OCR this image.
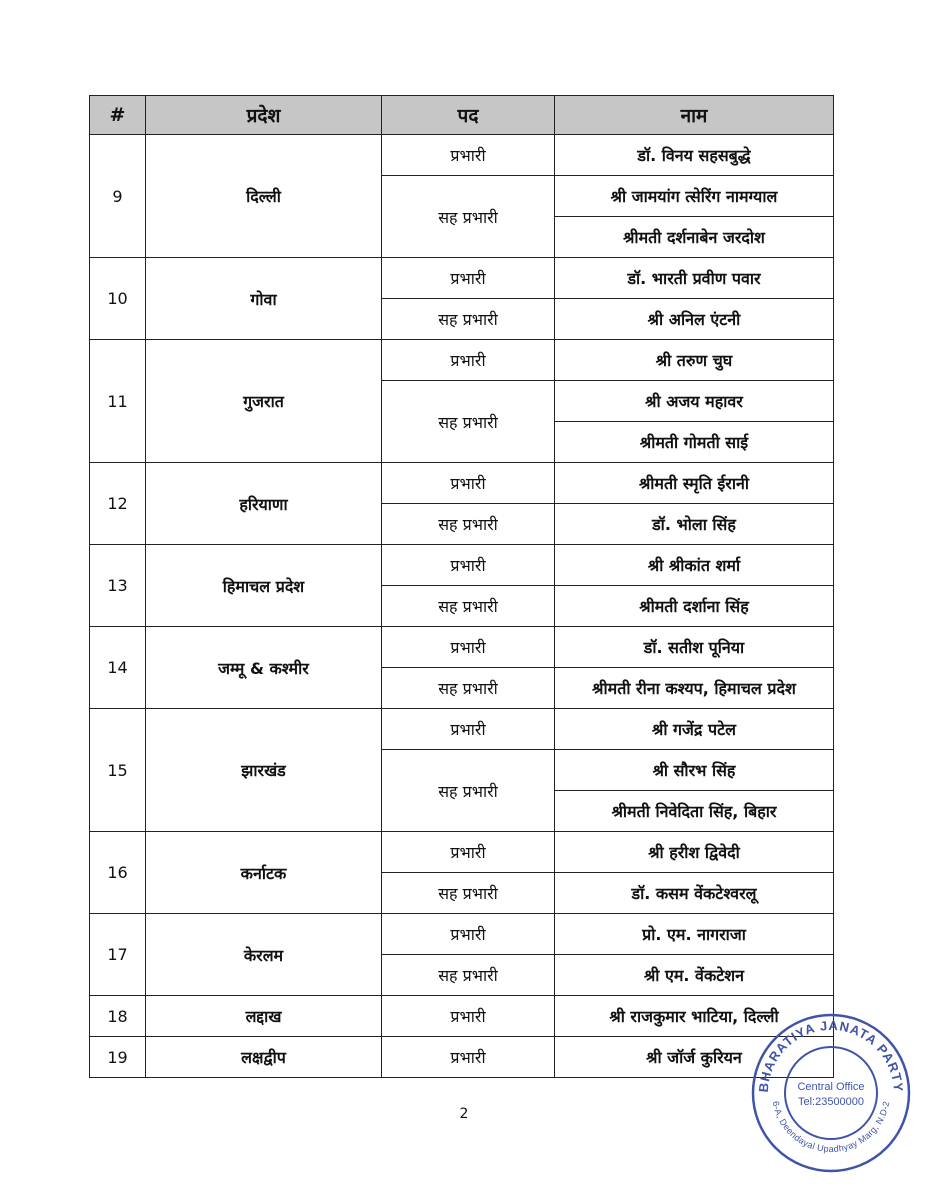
#	प्रदेश	पद	नाम
9	दिल्ली	प्रभारी	डॉ. विनय सहसबुद्धे
		सह प्रभारी	श्री जामयांग त्सेरिंग नामग्याल
			श्रीमती दर्शनाबेन जरदोश
10	गोवा	प्रभारी	डॉ. भारती प्रवीण पवार
		सह प्रभारी	श्री अनिल एंटनी
11	गुजरात	प्रभारी	श्री तरुण चुघ
		सह प्रभारी	श्री अजय महावर
			श्रीमती गोमती साई
12	हरियाणा	प्रभारी	श्रीमती स्मृति ईरानी
		सह प्रभारी	डॉ. भोला सिंह
13	हिमाचल प्रदेश	प्रभारी	श्री श्रीकांत शर्मा
		सह प्रभारी	श्रीमती दर्शाना सिंह
14	जम्मू & कश्मीर	प्रभारी	डॉ. सतीश पूनिया
		सह प्रभारी	श्रीमती रीना कश्यप, हिमाचल प्रदेश
15	झारखंड	प्रभारी	श्री गजेंद्र पटेल
		सह प्रभारी	श्री सौरभ सिंह
			श्रीमती निवेदिता सिंह, बिहार
16	कर्नाटक	प्रभारी	श्री हरीश द्विवेदी
		सह प्रभारी	डॉ. कसम वेंकटेश्वरलू
17	केरलम	प्रभारी	प्रो. एम. नागराजा
		सह प्रभारी	श्री एम. वेंकटेशन
18	लद्दाख	प्रभारी	श्री राजकुमार भाटिया, दिल्ली
19	लक्षद्वीप	प्रभारी	श्री जॉर्ज कुरियन
2
BHARATIYA JANATA PARTY
6-A, Deendayal Upadhyay Marg, N.D-2
Central Office
Tel:23500000
